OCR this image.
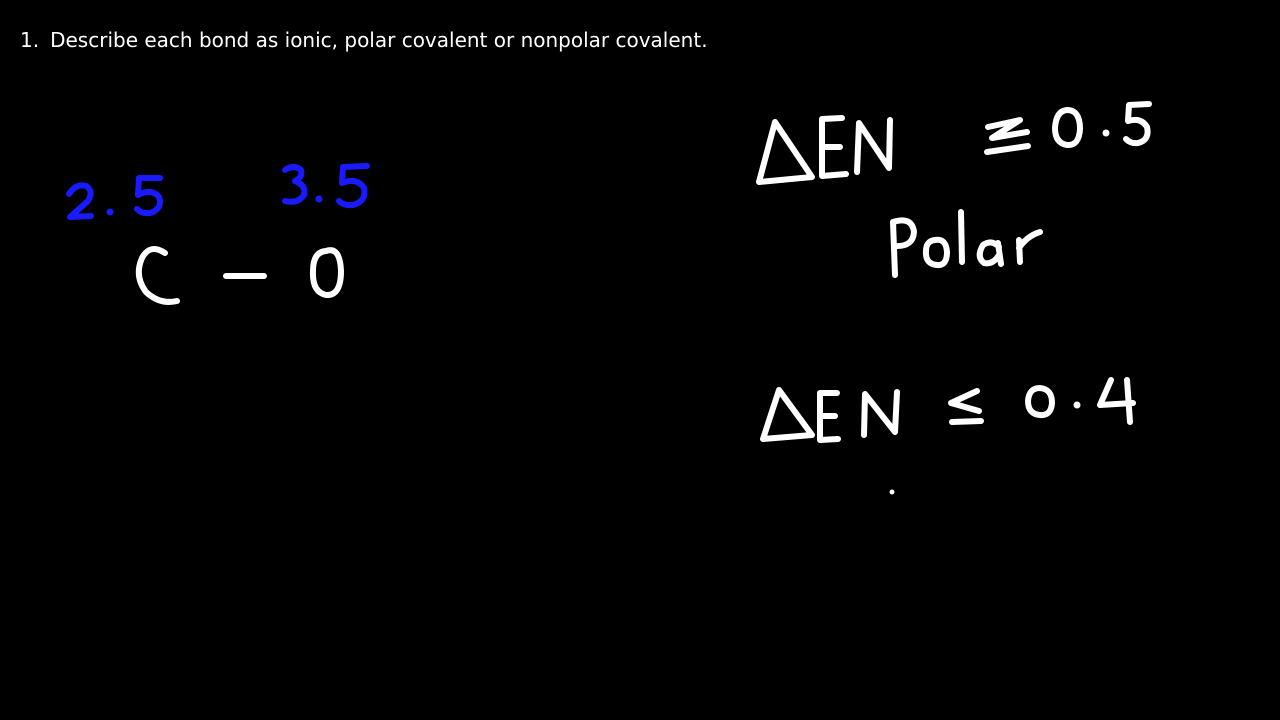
1. Describe each bond as ionic, polar covalent or nonpolar covalent.
